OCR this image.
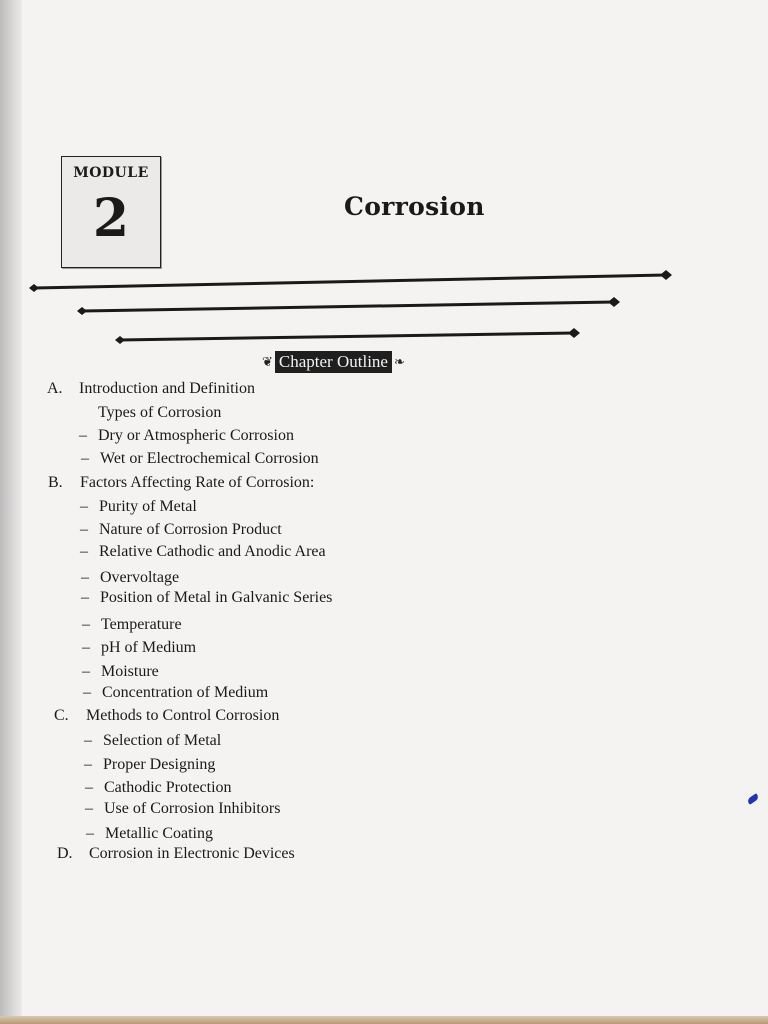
MODULE
2	Corrosion
❦ Chapter Outline ❧
A. Introduction and Definition
Types of Corrosion
– Dry or Atmospheric Corrosion
– Wet or Electrochemical Corrosion
B. Factors Affecting Rate of Corrosion:
– Purity of Metal
– Nature of Corrosion Product
– Relative Cathodic and Anodic Area
– Overvoltage
– Position of Metal in Galvanic Series
– Temperature
– pH of Medium
– Moisture
– Concentration of Medium
C. Methods to Control Corrosion
– Selection of Metal
– Proper Designing
– Cathodic Protection
– Use of Corrosion Inhibitors
– Metallic Coating
D. Corrosion in Electronic Devices
